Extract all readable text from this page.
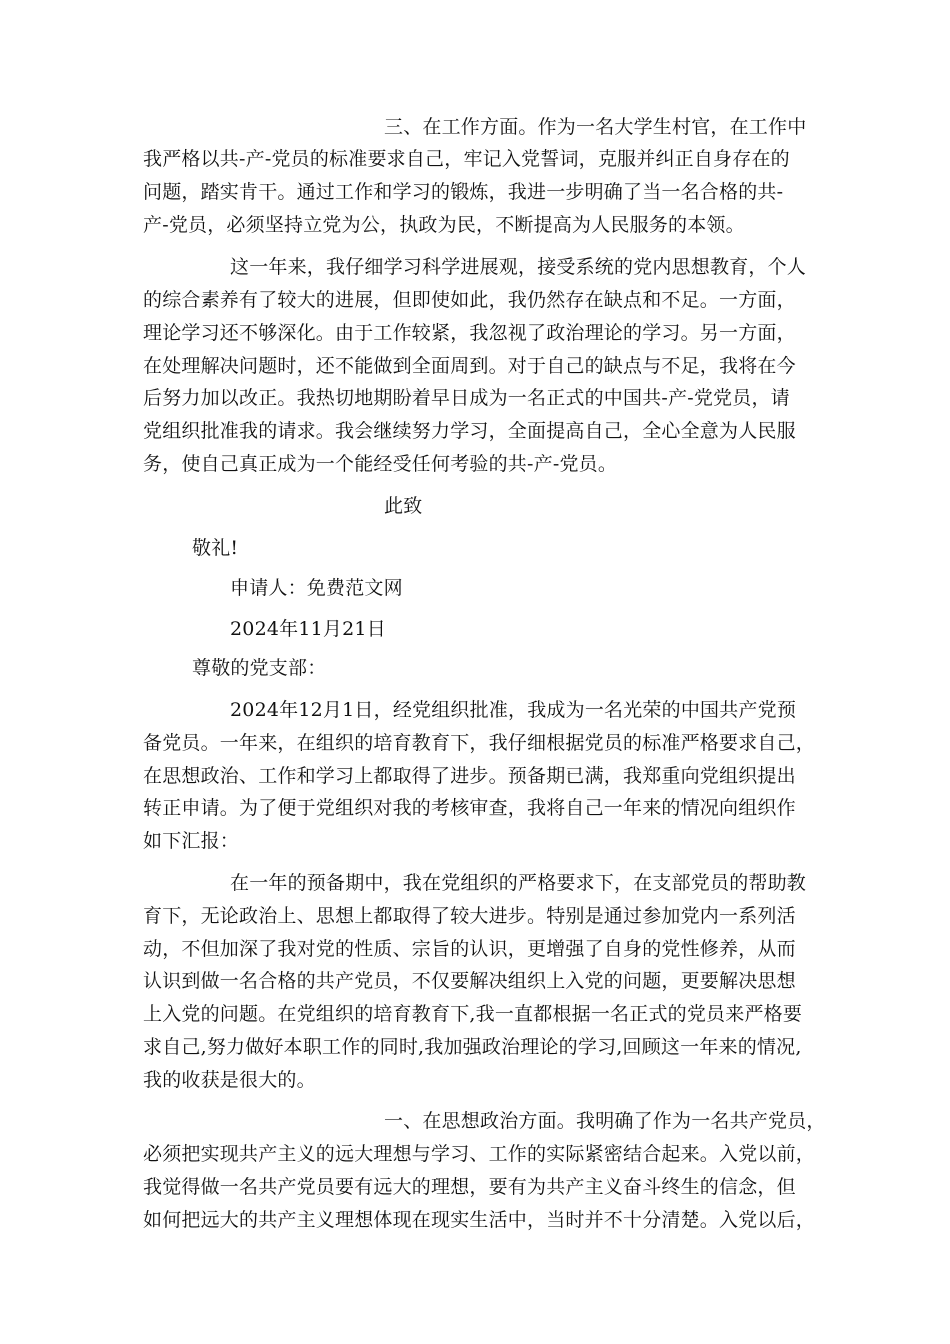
三、在工作方面。作为一名大学生村官，在工作中
我严格以共-产-党员的标准要求自己，牢记入党誓词，克服并纠正自身存在的
问题，踏实肯干。通过工作和学习的锻炼，我进一步明确了当一名合格的共-
产-党员，必须坚持立党为公，执政为民，不断提高为人民服务的本领。
这一年来，我仔细学习科学进展观，接受系统的党内思想教育，个人
的综合素养有了较大的进展，但即使如此，我仍然存在缺点和不足。一方面，
理论学习还不够深化。由于工作较紧，我忽视了政治理论的学习。另一方面，
在处理解决问题时，还不能做到全面周到。对于自己的缺点与不足，我将在今
后努力加以改正。我热切地期盼着早日成为一名正式的中国共-产-党党员，请
党组织批准我的请求。我会继续努力学习，全面提高自己，全心全意为人民服
务，使自己真正成为一个能经受任何考验的共-产-党员。
此致
敬礼!
申请人：免费范文网
2024年11月21日
尊敬的党支部：
2024年12月1日，经党组织批准，我成为一名光荣的中国共产党预
备党员。一年来，在组织的培育教育下，我仔细根据党员的标准严格要求自己，
在思想政治、工作和学习上都取得了进步。预备期已满，我郑重向党组织提出
转正申请。为了便于党组织对我的考核审查，我将自己一年来的情况向组织作
如下汇报：
在一年的预备期中，我在党组织的严格要求下，在支部党员的帮助教
育下，无论政治上、思想上都取得了较大进步。特别是通过参加党内一系列活
动，不但加深了我对党的性质、宗旨的认识，更增强了自身的党性修养，从而
认识到做一名合格的共产党员，不仅要解决组织上入党的问题，更要解决思想
上入党的问题。在党组织的培育教育下,我一直都根据一名正式的党员来严格要
求自己,努力做好本职工作的同时,我加强政治理论的学习,回顾这一年来的情况,
我的收获是很大的。
一、在思想政治方面。我明确了作为一名共产党员，
必须把实现共产主义的远大理想与学习、工作的实际紧密结合起来。入党以前，
我觉得做一名共产党员要有远大的理想，要有为共产主义奋斗终生的信念，但
如何把远大的共产主义理想体现在现实生活中，当时并不十分清楚。入党以后，
